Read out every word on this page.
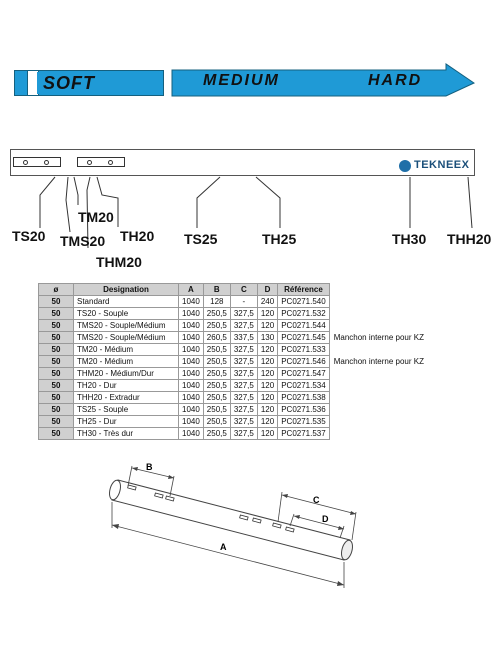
SOFT	MEDIUM	HARD
TEKNEEX
TS20 TMS20
TM20
THM20
TH20 TS25	TH25	TH30 THH20
ø	Designation	A	B	C	D	Référence	
50	Standard	1040	128	-	240	PC0271.540	
50	TS20 - Souple	1040	250,5	327,5	120	PC0271.532	
50	TMS20 - Souple/Médium	1040	250,5	327,5	120	PC0271.544	
50	TMS20 - Souple/Médium	1040	260,5	337,5	130	PC0271.545	Manchon interne pour KZ
50	TM20 - Médium	1040	250,5	327,5	120	PC0271.533	
50	TM20 - Médium	1040	250,5	327,5	120	PC0271.546	Manchon interne pour KZ
50	THM20 - Médium/Dur	1040	250,5	327,5	120	PC0271.547	
50	TH20 - Dur	1040	250,5	327,5	120	PC0271.534	
50	THH20 - Extradur	1040	250,5	327,5	120	PC0271.538	
50	TS25 - Souple	1040	250,5	327,5	120	PC0271.536	
50	TH25 - Dur	1040	250,5	327,5	120	PC0271.535	
50	TH30 - Très dur	1040	250,5	327,5	120	PC0271.537	
B
C
D
A
